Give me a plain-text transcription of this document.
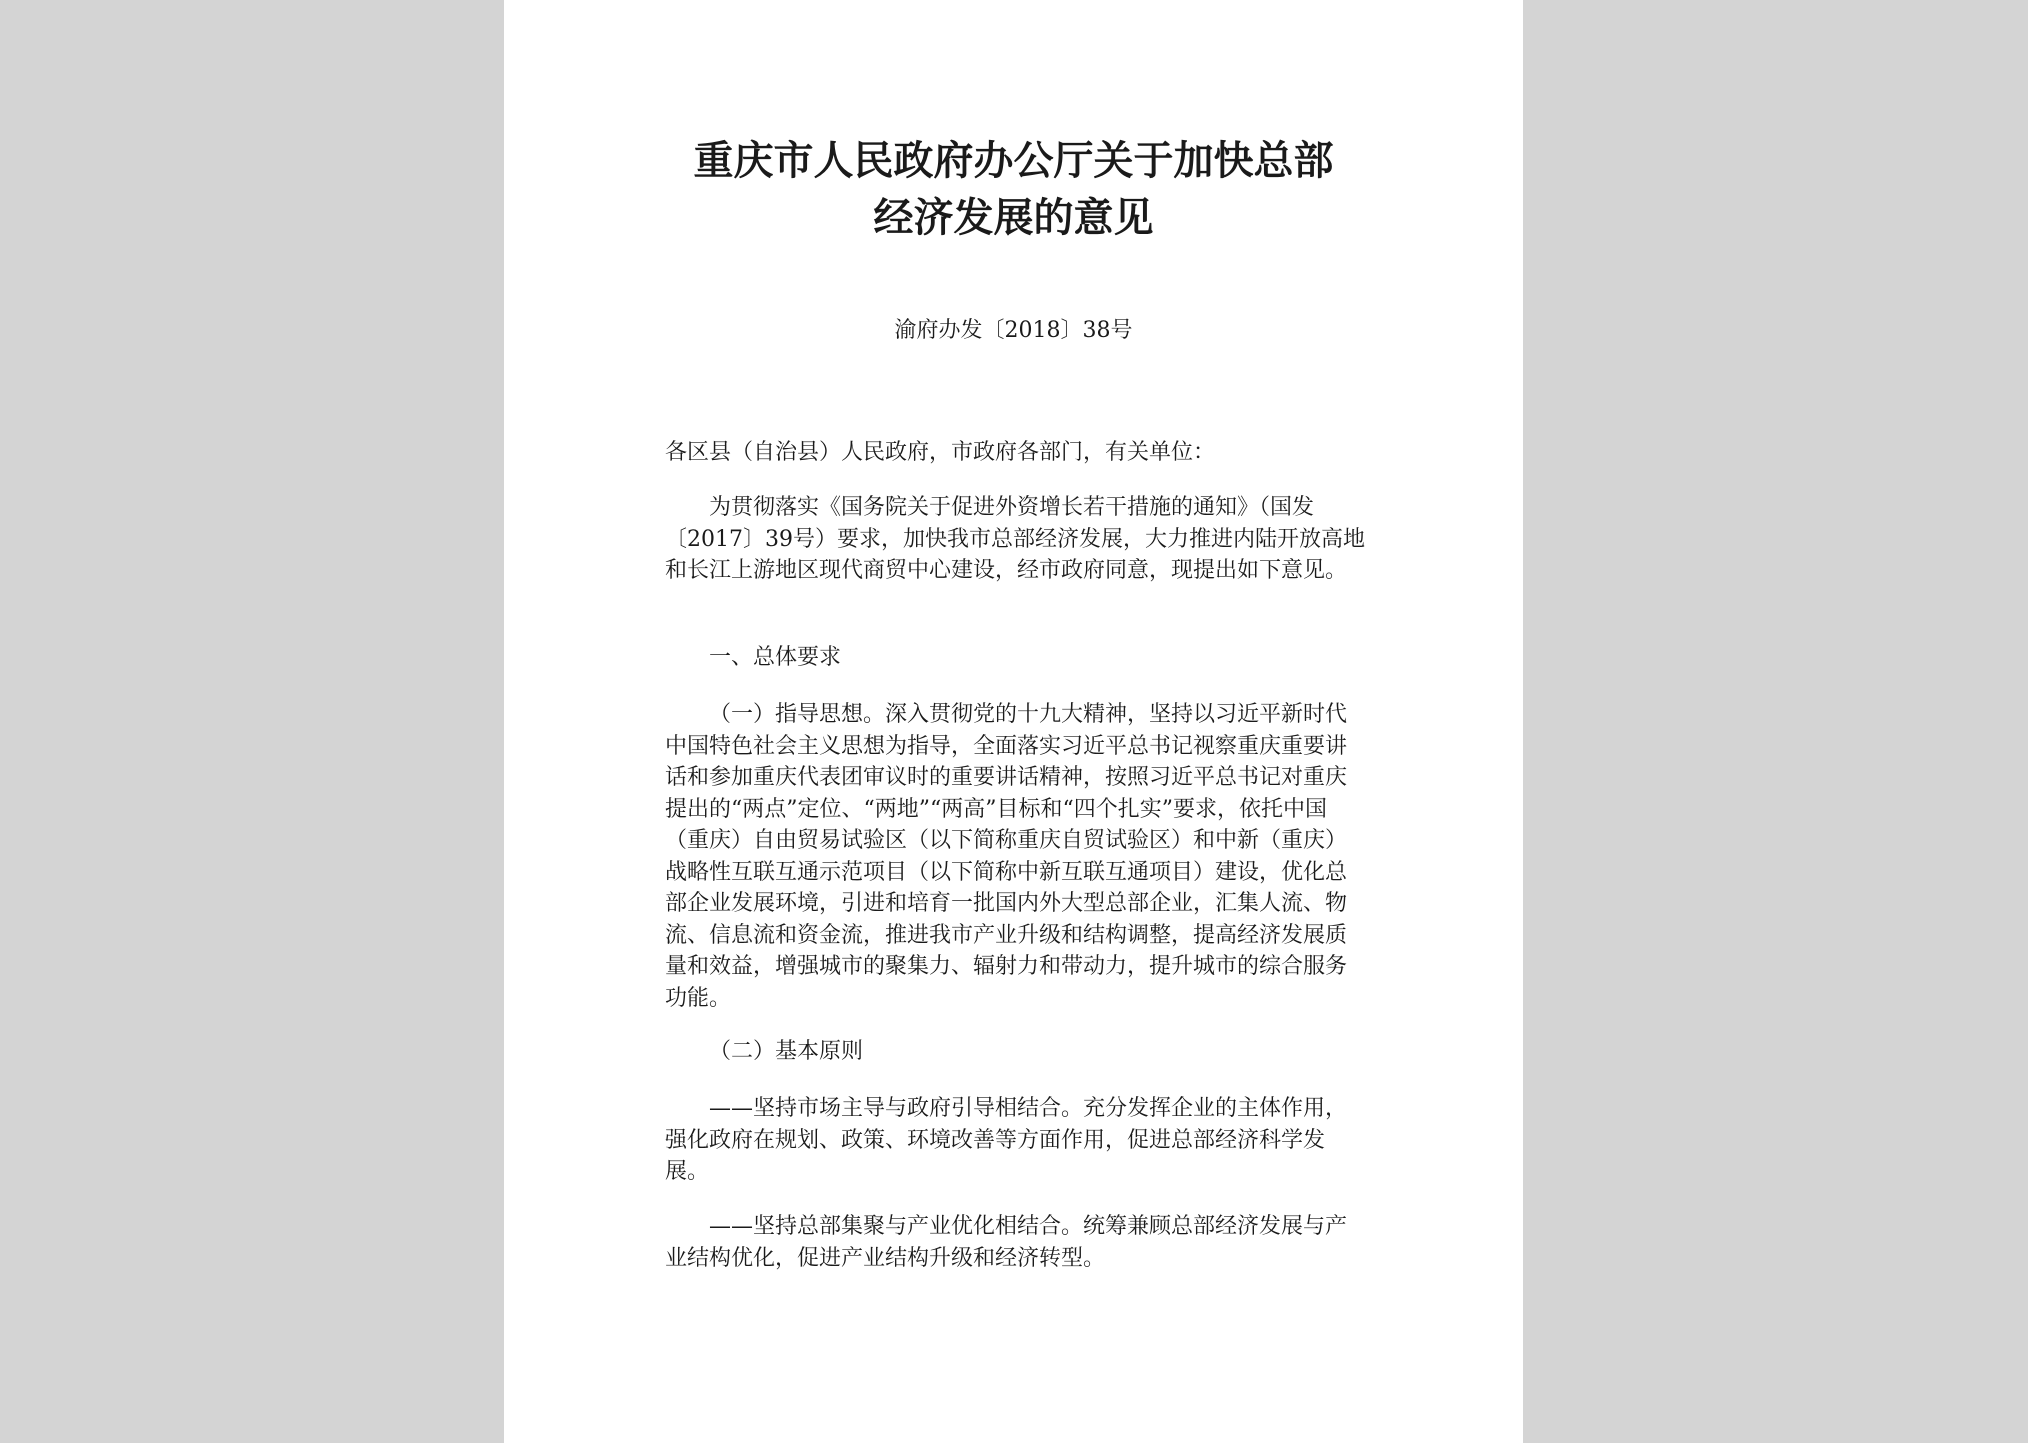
重庆市人民政府办公厅关于加快总部
经济发展的意见
渝府办发〔2018〕38号

各区县（自治县）人民政府，市政府各部门，有关单位：

为贯彻落实《国务院关于促进外资增长若干措施的通知》（国发〔2017〕39号）要求，加快我市总部经济发展，大力推进内陆开放高地和长江上游地区现代商贸中心建设，经市政府同意，现提出如下意见。

一、总体要求

（一）指导思想。深入贯彻党的十九大精神，坚持以习近平新时代中国特色社会主义思想为指导，全面落实习近平总书记视察重庆重要讲话和参加重庆代表团审议时的重要讲话精神，按照习近平总书记对重庆提出的“两点”定位、“两地”“两高”目标和“四个扎实”要求，依托中国（重庆）自由贸易试验区（以下简称重庆自贸试验区）和中新（重庆）战略性互联互通示范项目（以下简称中新互联互通项目）建设，优化总部企业发展环境，引进和培育一批国内外大型总部企业，汇集人流、物流、信息流和资金流，推进我市产业升级和结构调整，提高经济发展质量和效益，增强城市的聚集力、辐射力和带动力，提升城市的综合服务功能。

（二）基本原则

——坚持市场主导与政府引导相结合。充分发挥企业的主体作用，强化政府在规划、政策、环境改善等方面作用，促进总部经济科学发展。

——坚持总部集聚与产业优化相结合。统筹兼顾总部经济发展与产业结构优化，促进产业结构升级和经济转型。
